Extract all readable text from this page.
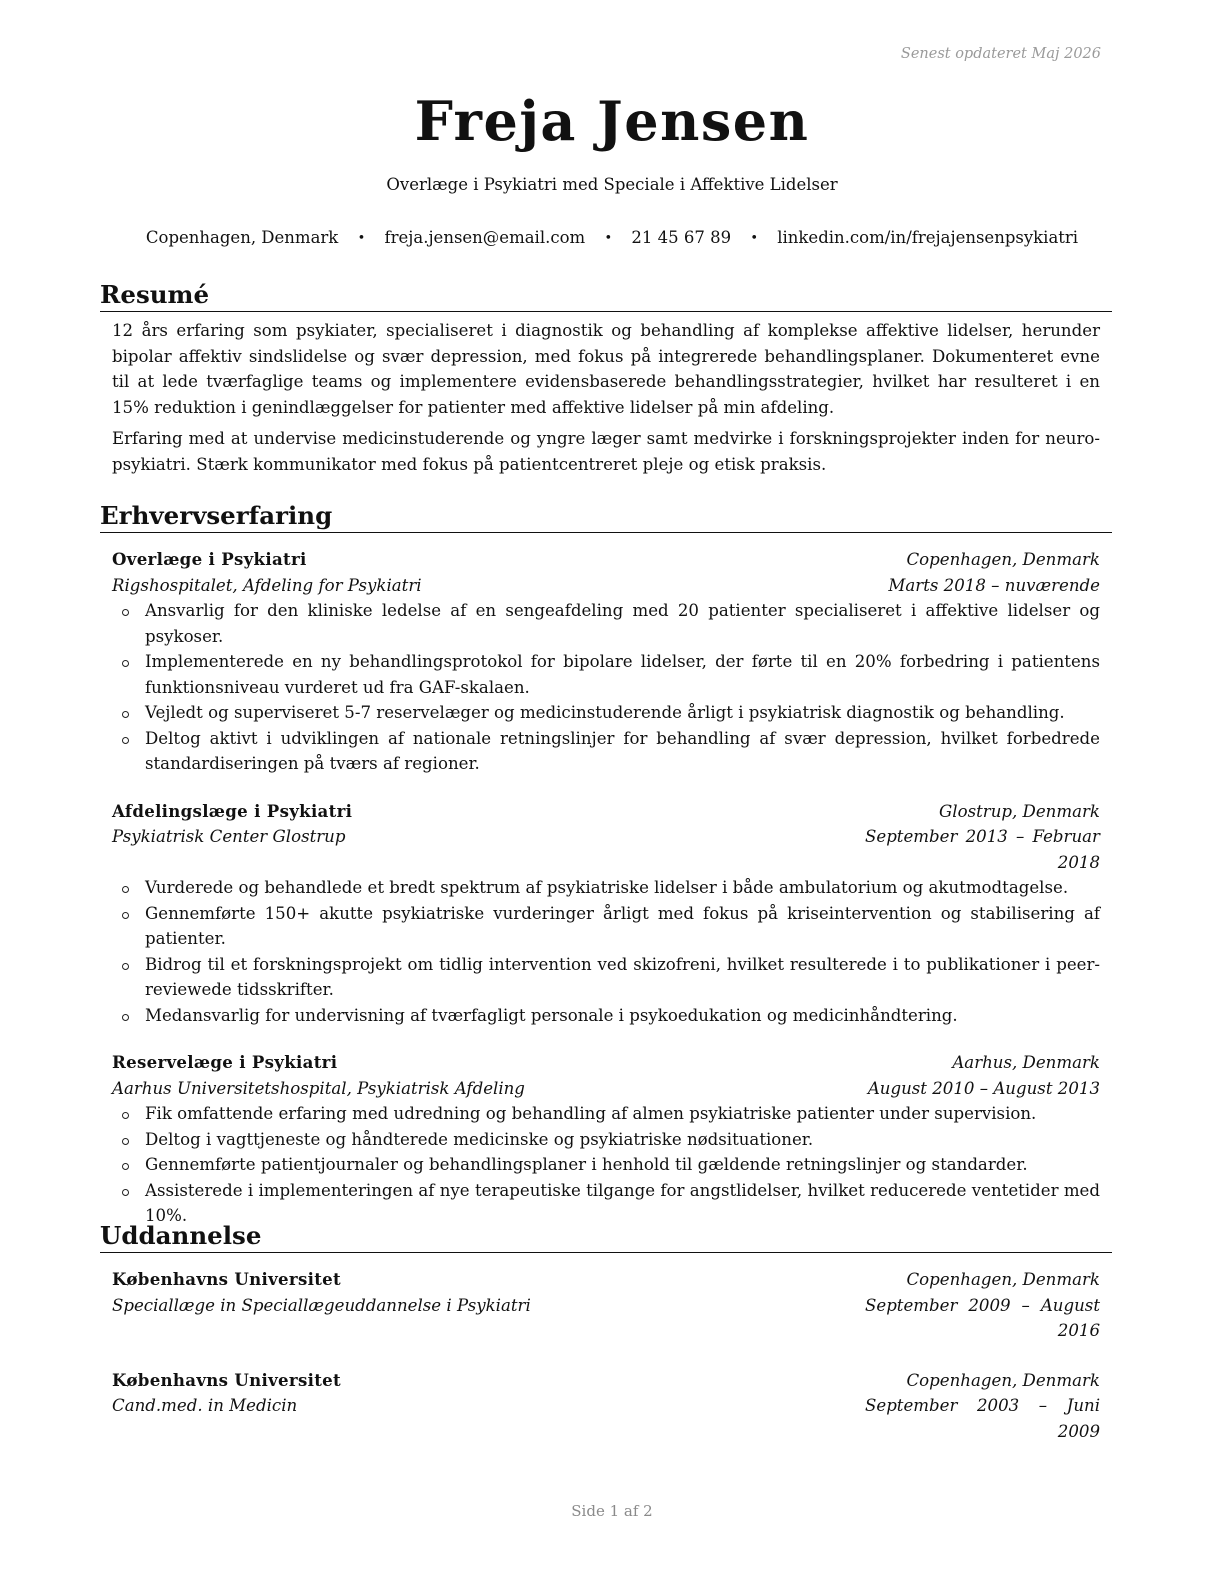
Senest opdateret Maj 2026
Freja Jensen
Overlæge i Psykiatri med Speciale i Affektive Lidelser
Copenhagen, Denmark • freja.jensen@email.com • 21 45 67 89 • linkedin.com/in/frejajensenpsykiatri
Resumé
12 års erfaring som psykiater, specialiseret i diagnostik og behandling af komplekse affektive lidelser, herunder bipolar affektiv sindslidelse og svær depression, med fokus på integrerede behandlingsplaner. Dokumenteret evne til at lede tværfaglige teams og implementere evidensbaserede behandlingsstrategier, hvilket har resulteret i en 15% reduktion i genindlæggelser for patienter med affektive lidelser på min afdeling.
Erfaring med at undervise medicinstuderende og yngre læger samt medvirke i forskningsprojekter inden for neuro-psykiatri. Stærk kommunikator med fokus på patientcentreret pleje og etisk praksis.
Erhvervserfaring
Overlæge i Psykiatri	Copenhagen, Denmark
Rigshospitalet, Afdeling for Psykiatri	Marts 2018 – nuværende
Ansvarlig for den kliniske ledelse af en sengeafdeling med 20 patienter specialiseret i affektive lidelser og psykoser.
Implementerede en ny behandlingsprotokol for bipolare lidelser, der førte til en 20% forbedring i patientens funktionsniveau vurderet ud fra GAF-skalaen.
Vejledt og superviseret 5-7 reservelæger og medicinstuderende årligt i psykiatrisk diagnostik og behandling.
Deltog aktivt i udviklingen af nationale retningslinjer for behandling af svær depression, hvilket forbedrede standardiseringen på tværs af regioner.
Afdelingslæge i Psykiatri	Glostrup, Denmark
Psykiatrisk Center Glostrup	September 2013 – Februar 2018
Vurderede og behandlede et bredt spektrum af psykiatriske lidelser i både ambulatorium og akutmodtagelse.
Gennemførte 150+ akutte psykiatriske vurderinger årligt med fokus på kriseintervention og stabilisering af patienter.
Bidrog til et forskningsprojekt om tidlig intervention ved skizofreni, hvilket resulterede i to publikationer i peer-reviewede tidsskrifter.
Medansvarlig for undervisning af tværfagligt personale i psykoedukation og medicinhåndtering.
Reservelæge i Psykiatri	Aarhus, Denmark
Aarhus Universitetshospital, Psykiatrisk Afdeling	August 2010 – August 2013
Fik omfattende erfaring med udredning og behandling af almen psykiatriske patienter under supervision.
Deltog i vagttjeneste og håndterede medicinske og psykiatriske nødsituationer.
Gennemførte patientjournaler og behandlingsplaner i henhold til gældende retningslinjer og standarder.
Assisterede i implementeringen af nye terapeutiske tilgange for angstlidelser, hvilket reducerede ventetider med 10%.
Uddannelse
Københavns Universitet	Copenhagen, Denmark
Speciallæge in Speciallægeuddannelse i Psykiatri	September 2009 – August 2016
Københavns Universitet	Copenhagen, Denmark
Cand.med. in Medicin	September 2003 – Juni 2009
Side 1 af 2
